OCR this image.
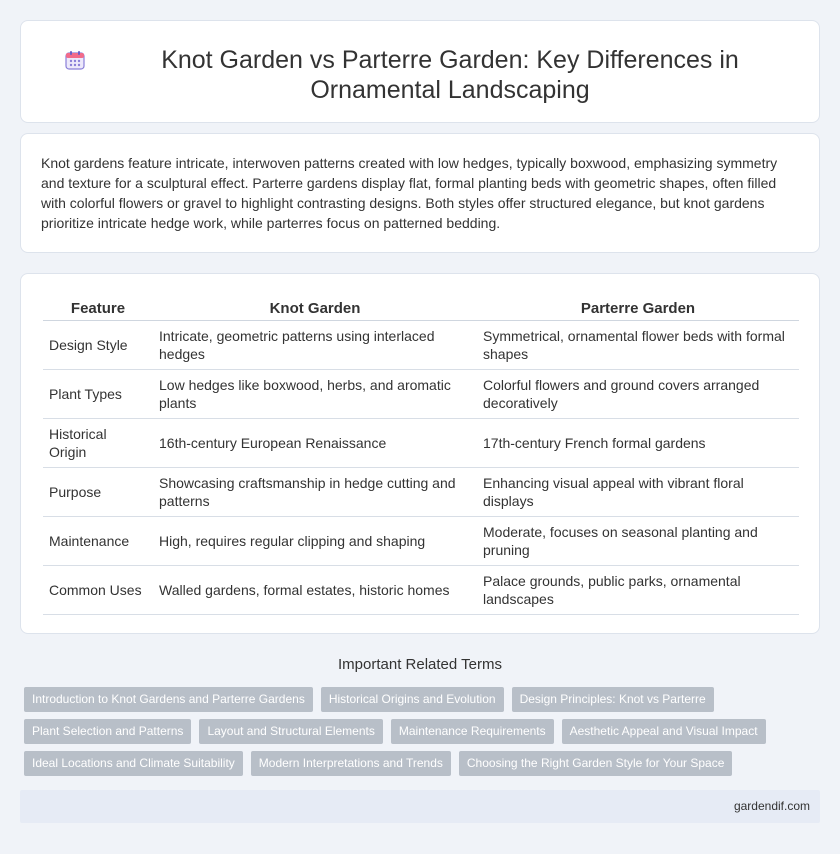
Knot Garden vs Parterre Garden: Key Differences in Ornamental Landscaping

Knot gardens feature intricate, interwoven patterns created with low hedges, typically boxwood, emphasizing symmetry and texture for a sculptural effect. Parterre gardens display flat, formal planting beds with geometric shapes, often filled with colorful flowers or gravel to highlight contrasting designs. Both styles offer structured elegance, but knot gardens prioritize intricate hedge work, while parterres focus on patterned bedding.

Feature	Knot Garden	Parterre Garden
Design Style	Intricate, geometric patterns using interlaced hedges	Symmetrical, ornamental flower beds with formal shapes
Plant Types	Low hedges like boxwood, herbs, and aromatic plants	Colorful flowers and ground covers arranged decoratively
Historical Origin	16th-century European Renaissance	17th-century French formal gardens
Purpose	Showcasing craftsmanship in hedge cutting and patterns	Enhancing visual appeal with vibrant floral displays
Maintenance	High, requires regular clipping and shaping	Moderate, focuses on seasonal planting and pruning
Common Uses	Walled gardens, formal estates, historic homes	Palace grounds, public parks, ornamental landscapes
Important Related Terms
Introduction to Knot Gardens and Parterre Gardens	Historical Origins and Evolution	Design Principles: Knot vs Parterre
Plant Selection and Patterns	Layout and Structural Elements	Maintenance Requirements	Aesthetic Appeal and Visual Impact
Ideal Locations and Climate Suitability	Modern Interpretations and Trends	Choosing the Right Garden Style for Your Space
gardendif.com
